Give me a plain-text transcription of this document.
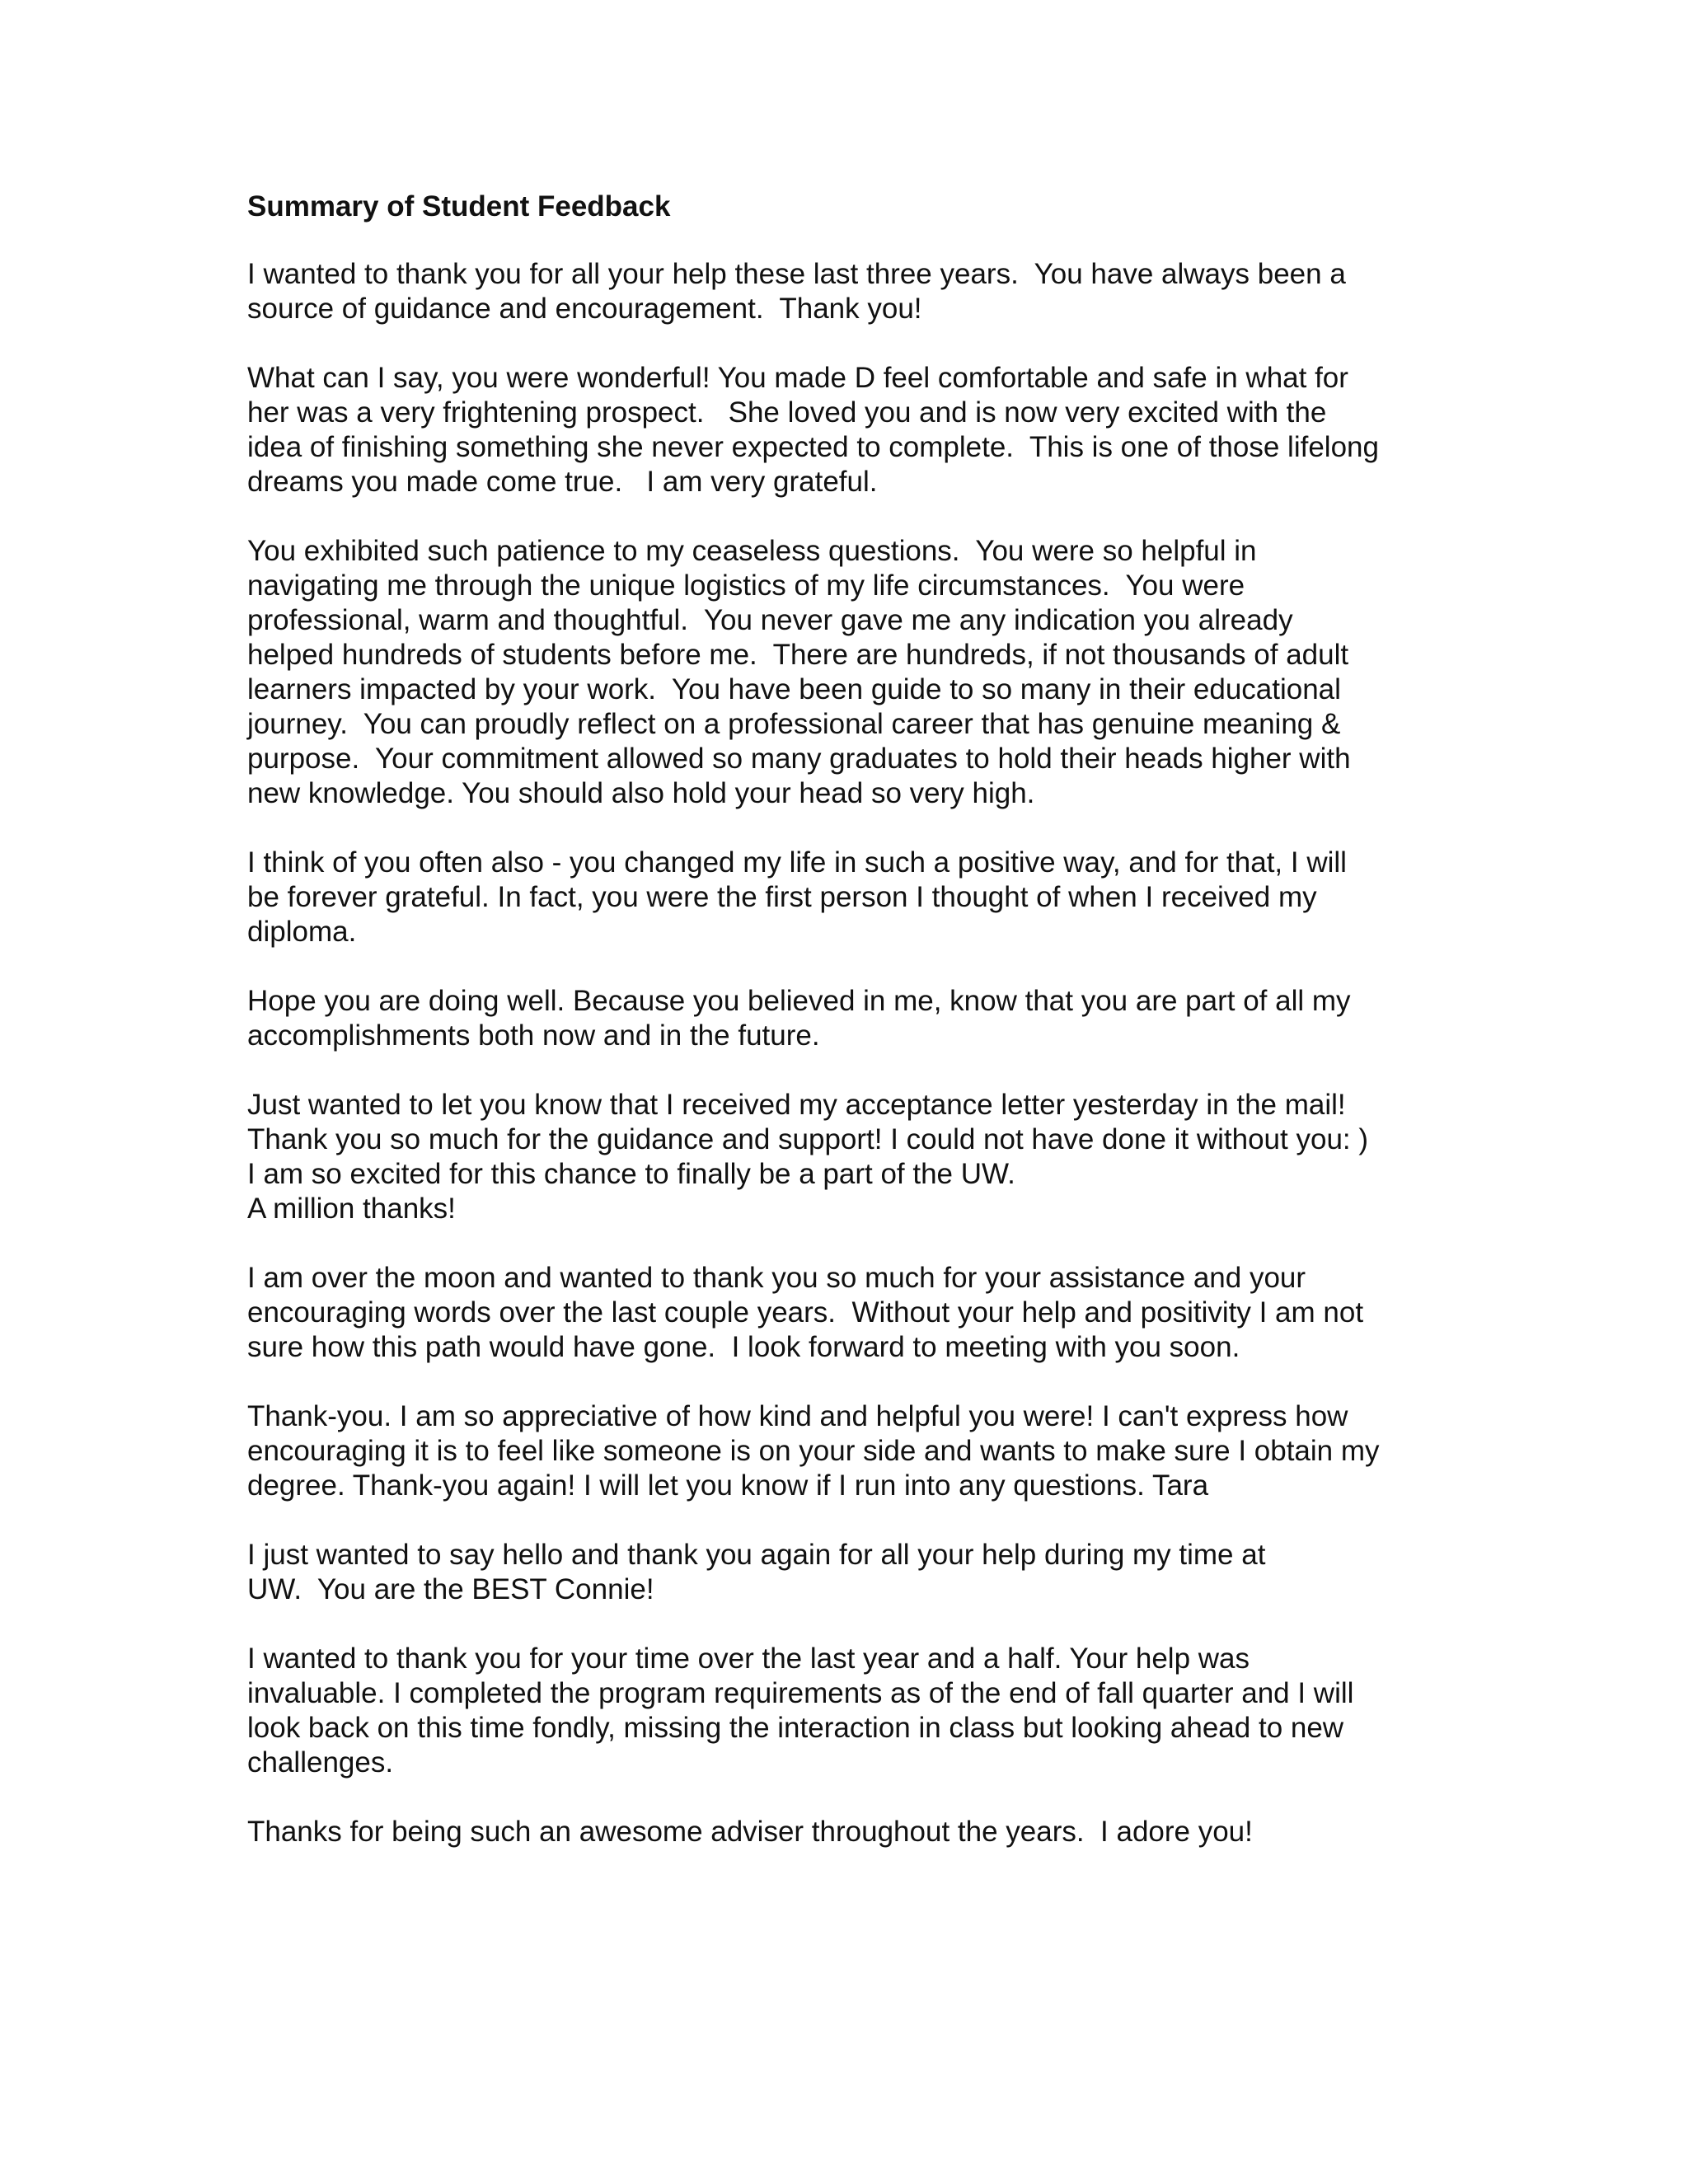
Summary of Student Feedback
I wanted to thank you for all your help these last three years.  You have always been a
source of guidance and encouragement.  Thank you!
What can I say, you were wonderful! You made D feel comfortable and safe in what for
her was a very frightening prospect.   She loved you and is now very excited with the
idea of finishing something she never expected to complete.  This is one of those lifelong
dreams you made come true.   I am very grateful.
You exhibited such patience to my ceaseless questions.  You were so helpful in
navigating me through the unique logistics of my life circumstances.  You were
professional, warm and thoughtful.  You never gave me any indication you already
helped hundreds of students before me.  There are hundreds, if not thousands of adult
learners impacted by your work.  You have been guide to so many in their educational
journey.  You can proudly reflect on a professional career that has genuine meaning &
purpose.  Your commitment allowed so many graduates to hold their heads higher with
new knowledge. You should also hold your head so very high.
I think of you often also - you changed my life in such a positive way, and for that, I will
be forever grateful. In fact, you were the first person I thought of when I received my
diploma.
Hope you are doing well. Because you believed in me, know that you are part of all my
accomplishments both now and in the future.
Just wanted to let you know that I received my acceptance letter yesterday in the mail!
Thank you so much for the guidance and support! I could not have done it without you: )
I am so excited for this chance to finally be a part of the UW.
A million thanks!
I am over the moon and wanted to thank you so much for your assistance and your
encouraging words over the last couple years.  Without your help and positivity I am not
sure how this path would have gone.  I look forward to meeting with you soon.
Thank-you. I am so appreciative of how kind and helpful you were! I can't express how
encouraging it is to feel like someone is on your side and wants to make sure I obtain my
degree. Thank-you again! I will let you know if I run into any questions. Tara
I just wanted to say hello and thank you again for all your help during my time at
UW.  You are the BEST Connie!
I wanted to thank you for your time over the last year and a half. Your help was
invaluable. I completed the program requirements as of the end of fall quarter and I will
look back on this time fondly, missing the interaction in class but looking ahead to new
challenges.
Thanks for being such an awesome adviser throughout the years.  I adore you!
